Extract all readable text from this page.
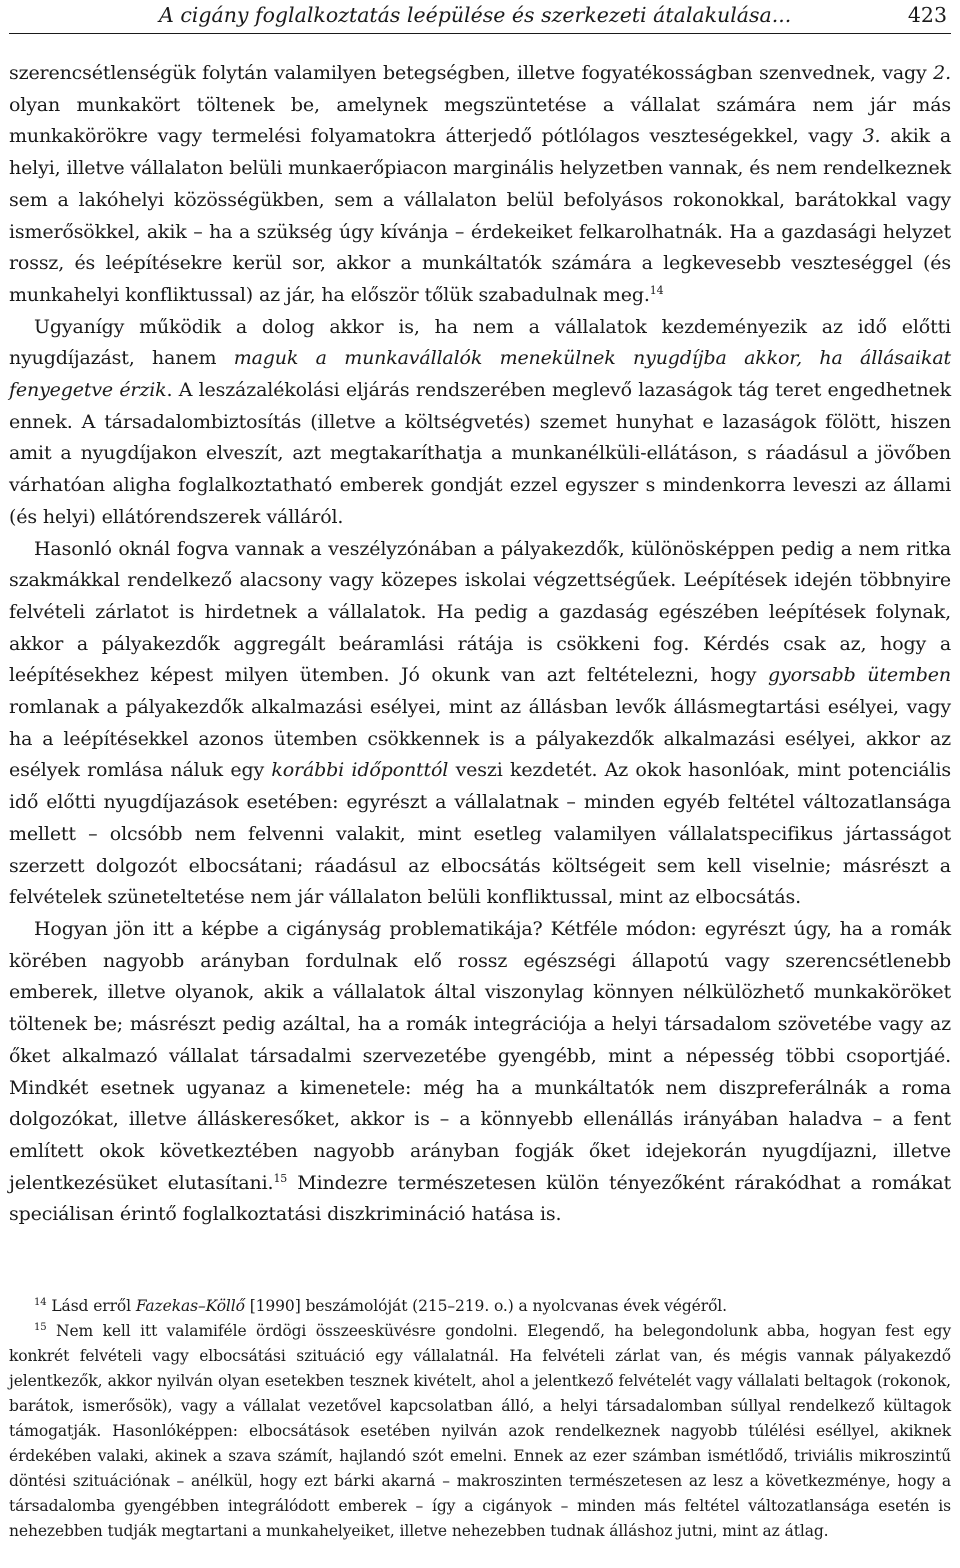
A cigány foglalkoztatás leépülése és szerkezeti átalakulása...	423

szerencsétlenségük folytán valamilyen betegségben, illetve fogyatékosságban szenvednek, vagy 2. olyan munkakört töltenek be, amelynek megszüntetése a vállalat számára nem jár más munkakörökre vagy termelési folyamatokra átterjedő pótlólagos veszteségekkel, vagy 3. akik a helyi, illetve vállalaton belüli munkaerőpiacon marginális helyzetben vannak, és nem rendelkeznek sem a lakóhelyi közösségükben, sem a vállalaton belül befolyásos rokonokkal, barátokkal vagy ismerősökkel, akik – ha a szükség úgy kívánja – érdekeiket felkarolhatnák. Ha a gazdasági helyzet rossz, és leépítésekre kerül sor, akkor a munkáltatók számára a legkevesebb veszteséggel (és munkahelyi konfliktussal) az jár, ha először tőlük szabadulnak meg.$^{14}$

Ugyanígy működik a dolog akkor is, ha nem a vállalatok kezdeményezik az idő előtti nyugdíjazást, hanem maguk a munkavállalók menekülnek nyugdíjba akkor, ha állásaikat fenyegetve érzik. A leszázalékolási eljárás rendszerében meglevő lazaságok tág teret engedhetnek ennek. A társadalombiztosítás (illetve a költségvetés) szemet hunyhat e lazaságok fölött, hiszen amit a nyugdíjakon elveszít, azt megtakaríthatja a munkanélküli-ellátáson, s ráadásul a jövőben várhatóan aligha foglalkoztatható emberek gondját ezzel egyszer s mindenkorra leveszi az állami (és helyi) ellátórendszerek válláról.

Hasonló oknál fogva vannak a veszélyzónában a pályakezdők, különösképpen pedig a nem ritka szakmákkal rendelkező alacsony vagy közepes iskolai végzettségűek. Leépítések idején többnyire felvételi zárlatot is hirdetnek a vállalatok. Ha pedig a gazdaság egészében leépítések folynak, akkor a pályakezdők aggregált beáramlási rátája is csökkeni fog. Kérdés csak az, hogy a leépítésekhez képest milyen ütemben. Jó okunk van azt feltételezni, hogy gyorsabb ütemben romlanak a pályakezdők alkalmazási esélyei, mint az állásban levők állásmegtartási esélyei, vagy ha a leépítésekkel azonos ütemben csökkennek is a pályakezdők alkalmazási esélyei, akkor az esélyek romlása náluk egy korábbi időponttól veszi kezdetét. Az okok hasonlóak, mint potenciális idő előtti nyugdíjazások esetében: egyrészt a vállalatnak – minden egyéb feltétel változatlansága mellett – olcsóbb nem felvenni valakit, mint esetleg valamilyen vállalatspecifikus jártasságot szerzett dolgozót elbocsátani; ráadásul az elbocsátás költségeit sem kell viselnie; másrészt a felvételek szüneteltetése nem jár vállalaton belüli konfliktussal, mint az elbocsátás.

Hogyan jön itt a képbe a cigányság problematikája? Kétféle módon: egyrészt úgy, ha a romák körében nagyobb arányban fordulnak elő rossz egészségi állapotú vagy szerencsétlenebb emberek, illetve olyanok, akik a vállalatok által viszonylag könnyen nélkülözhető munkaköröket töltenek be; másrészt pedig azáltal, ha a romák integrációja a helyi társadalom szövetébe vagy az őket alkalmazó vállalat társadalmi szervezetébe gyengébb, mint a népesség többi csoportjáé. Mindkét esetnek ugyanaz a kimenetele: még ha a munkáltatók nem diszpreferálnák a roma dolgozókat, illetve álláskeresőket, akkor is – a könnyebb ellenállás irányában haladva – a fent említett okok következtében nagyobb arányban fogják őket idejekorán nyugdíjazni, illetve jelentkezésüket elutasítani.$^{15}$ Mindezre természetesen külön tényezőként rárakódhat a romákat speciálisan érintő foglalkoztatási diszkrimináció hatása is.

$^{14}$ Lásd erről Fazekas–Köllő [1990] beszámolóját (215–219. o.) a nyolcvanas évek végéről.

$^{15}$ Nem kell itt valamiféle ördögi összeesküvésre gondolni. Elegendő, ha belegondolunk abba, hogyan fest egy konkrét felvételi vagy elbocsátási szituáció egy vállalatnál. Ha felvételi zárlat van, és mégis vannak pályakezdő jelentkezők, akkor nyilván olyan esetekben tesznek kivételt, ahol a jelentkező felvételét vagy vállalati beltagok (rokonok, barátok, ismerősök), vagy a vállalat vezetővel kapcsolatban álló, a helyi társadalomban súllyal rendelkező kültagok támogatják. Hasonlóképpen: elbocsátások esetében nyilván azok rendelkeznek nagyobb túlélési eséllyel, akiknek érdekében valaki, akinek a szava számít, hajlandó szót emelni. Ennek az ezer számban ismétlődő, triviális mikroszintű döntési szituációnak – anélkül, hogy ezt bárki akarná – makroszinten természetesen az lesz a következménye, hogy a társadalomba gyengébben integrálódott emberek – így a cigányok – minden más feltétel változatlansága esetén is nehezebben tudják megtartani a munkahelyeiket, illetve nehezebben tudnak álláshoz jutni, mint az átlag.
